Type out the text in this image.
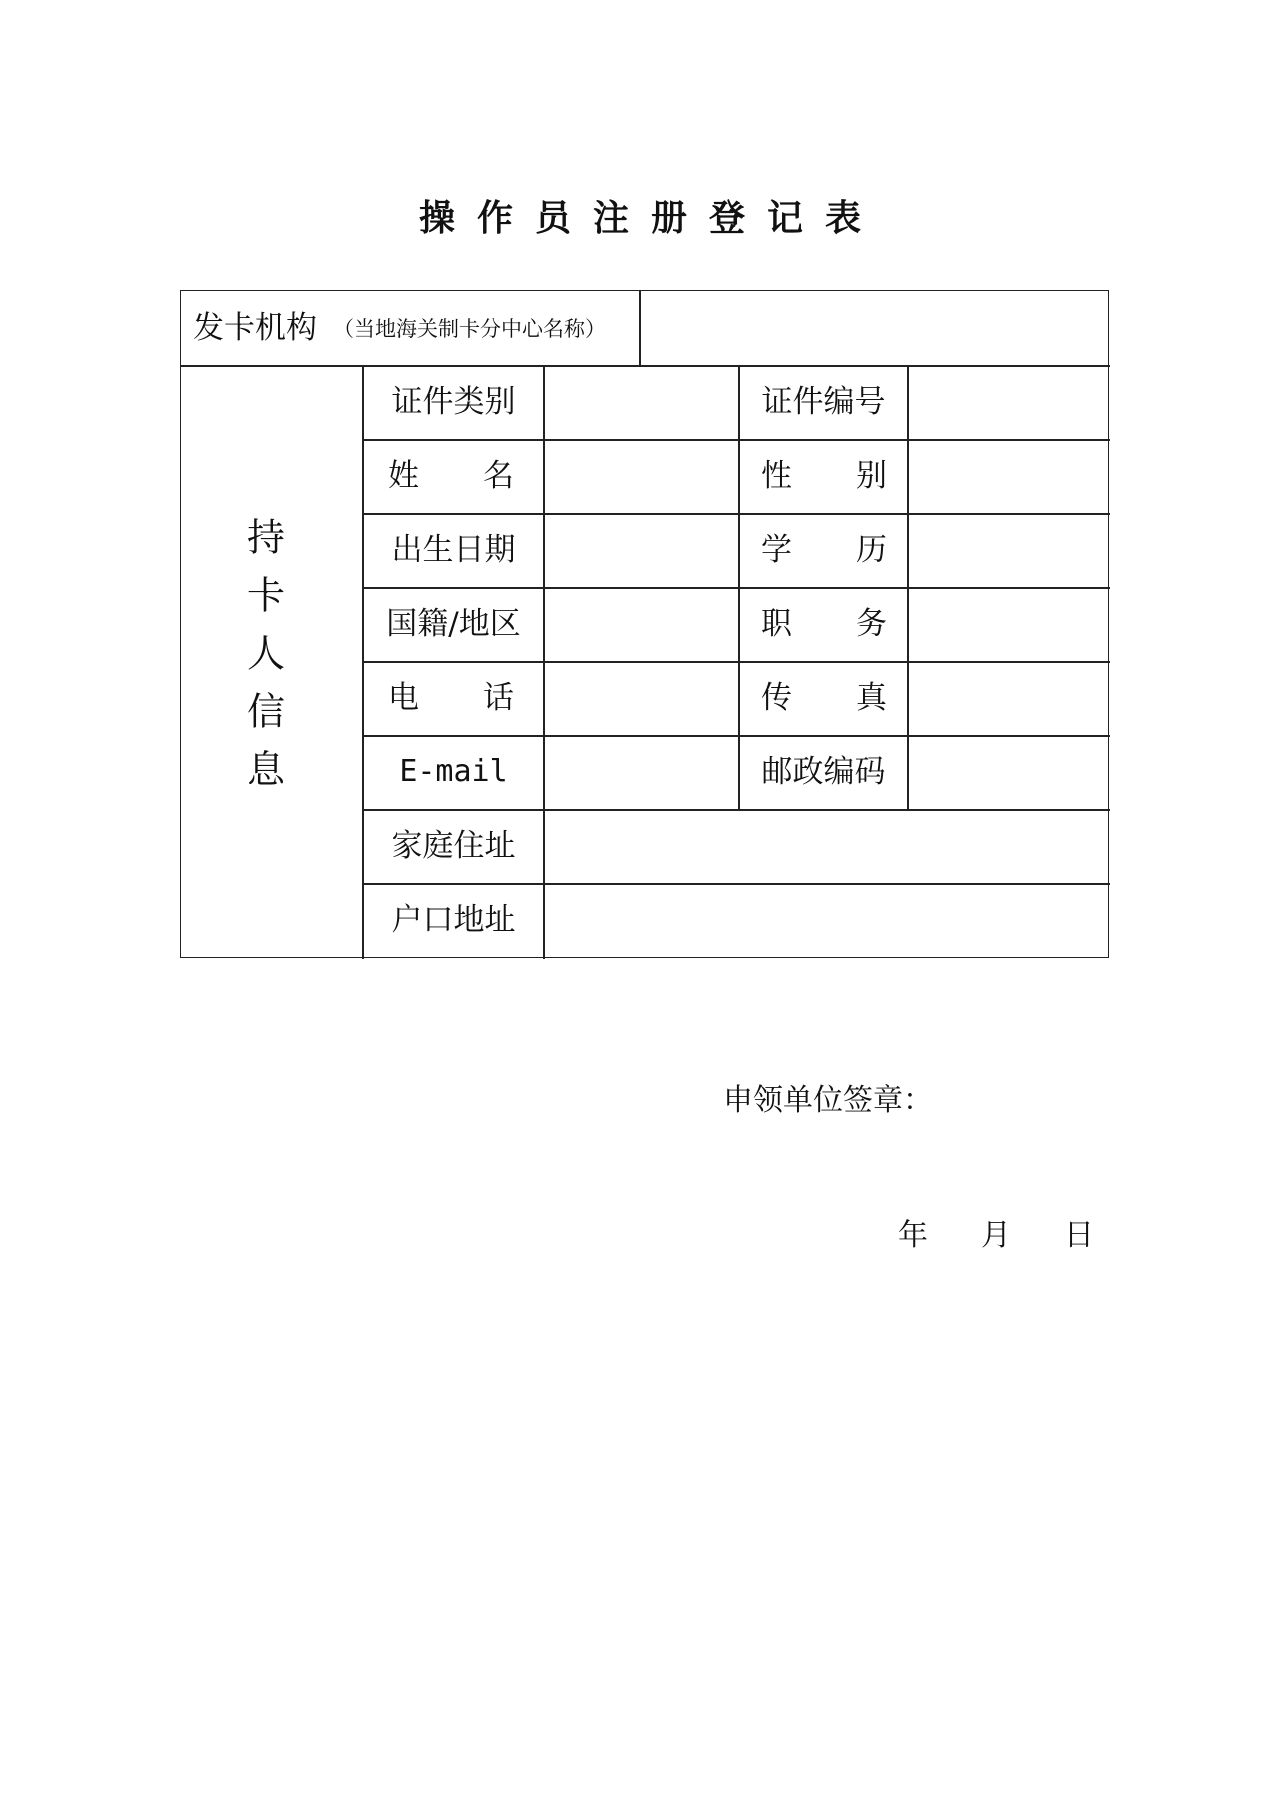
操作员注册登记表
发卡机构 （当地海关制卡分中心名称）
持卡人信息
证件类别	证件编号
姓 名	性 别
出生日期	学 历
国籍/地区	职 务
电 话	传 真
E-mail	邮政编码
家庭住址
户口地址
申领单位签章：
年 月 日
